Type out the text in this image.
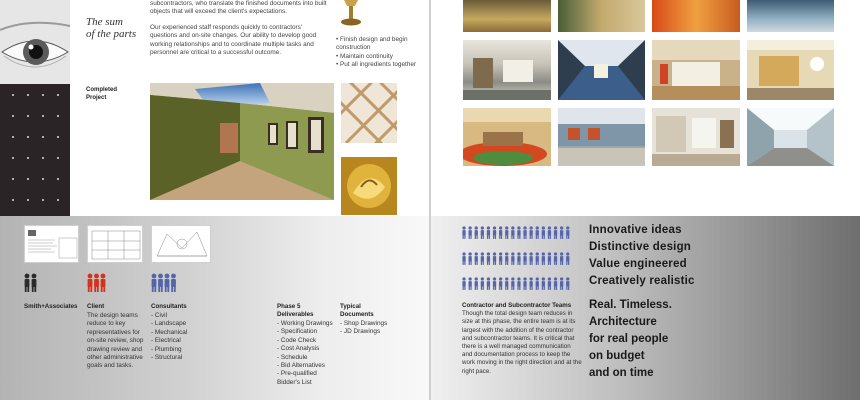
The sum
of the parts

subcontractors, who translate the finished documents into built objects that will exceed the client's expectations.

Our experienced staff responds quickly to contractors' questions and on-site changes. Our ability to develop good working relationships and to coordinate multiple tasks and personnel are critical to a successful outcome.

• Finish design and begin construction
• Maintain continuity
• Put all ingredients together
Completed
Project
Smith+Associates	Client
The design teams reduce to key representatives for on-site review, shop drawing review and other administrative goals and tasks.
Consultants
- Civil
- Landscape
- Mechanical
- Electrical
- Plumbing
- Structural
Phase 5
Deliverables
- Working Drawings
- Specification
- Code Check
- Cost Analysis
- Schedule
- Bid Alternatives
- Pre-qualified Bidder's List
Typical
Documents
- Shop Drawings
- JD Drawings
Contractor and Subcontractor Teams
Though the total design team reduces in size at this phase, the entire team is at its largest with the addition of the contractor and subcontractor teams. It is critical that there is a well managed communication and documentation process to keep the work moving in the right direction and at the right pace.
Innovative ideas
Distinctive design
Value engineered
Creatively realistic
Real. Timeless.
Architecture
for real people
on budget
and on time
